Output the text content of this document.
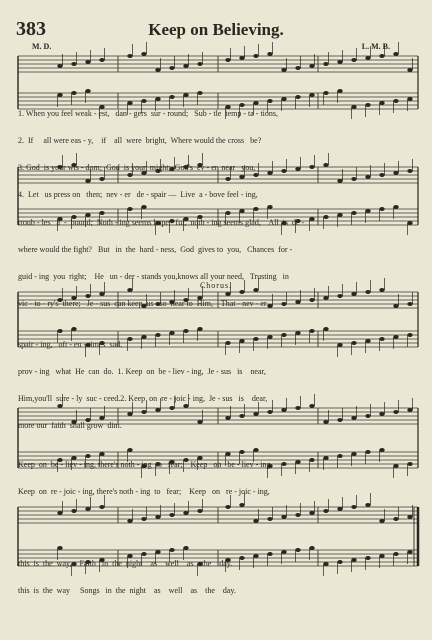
383	Keep on Believing.
M. D.	L. M. B.
Chorus.

1. When you feel weak - est,   dan - gers  sur - round;   Sub - tle  temp - ta - tions,

2.  If     all were eas - y,    if    all  were  bright,  Where would the cross   be?

3. God  is your wis - dom;  God  is your  might;  God's  ev - er  near   you,

4.  Let   us press on   then;  nev - er   de - spair —  Live  a - bove feel - ing,

troub - les   a  -  bound;  Noth - ing seems hope - ful,  noth - ing seems glad,    All  is  de -

where would the fight?   But   in  the  hard - ness,  God  gives to  you,   Chances  for -

guid - ing  you  right;    He   un - der - stands you,knows all your need,   Trusting   in

vic - to - ry's  there;   Je - sus  can keep  us   so  near to  Him,    That - nev - er

spair - ing,   oft - en - times  sad.

prov - ing   what  He  can  do.  1. Keep  on  be - liev - ing,  Je - sus   is    near,

Him,you'll  sure - ly  suc - ceed.2. Keep  on  re - joic - ing,  Je - sus   is    dear,

more our  faith  shall grow  dim.

Keep  on  be - liev - ing, there's noth - ing  to   fear;    Keep   on   be - liev - ing,

Keep  on  re - joic - ing, there's noth - ing  to   fear;    Keep   on   re - joic - ing,

this  is  the  way,    Faith   in  the  night    as    well    as    the    day.

this  is  the  way     Songs   in  the  night    as    well    as    the    day.
